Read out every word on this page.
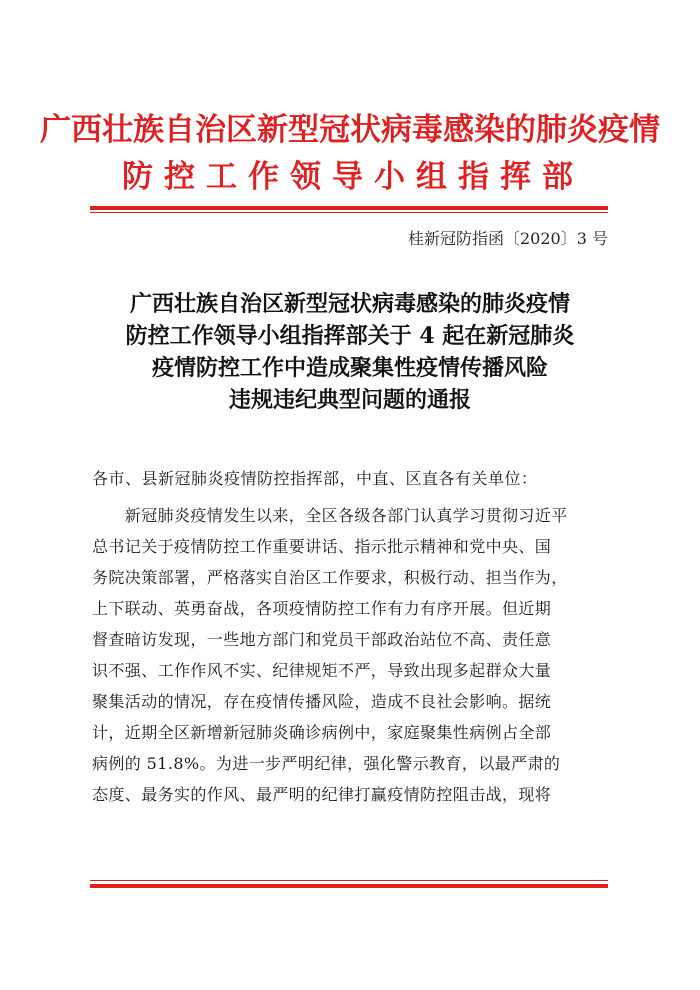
广西壮族自治区新型冠状病毒感染的肺炎疫情
防控工作领导小组指挥部
桂新冠防指函〔2020〕3 号
广西壮族自治区新型冠状病毒感染的肺炎疫情
防控工作领导小组指挥部关于 4 起在新冠肺炎
疫情防控工作中造成聚集性疫情传播风险
违规违纪典型问题的通报
各市、县新冠肺炎疫情防控指挥部，中直、区直各有关单位：
　　新冠肺炎疫情发生以来，全区各级各部门认真学习贯彻习近平
总书记关于疫情防控工作重要讲话、指示批示精神和党中央、国
务院决策部署，严格落实自治区工作要求，积极行动、担当作为，
上下联动、英勇奋战，各项疫情防控工作有力有序开展。但近期
督查暗访发现，一些地方部门和党员干部政治站位不高、责任意
识不强、工作作风不实、纪律规矩不严，导致出现多起群众大量
聚集活动的情况，存在疫情传播风险，造成不良社会影响。据统
计，近期全区新增新冠肺炎确诊病例中，家庭聚集性病例占全部
病例的 51.8%。为进一步严明纪律，强化警示教育，以最严肃的
态度、最务实的作风、最严明的纪律打赢疫情防控阻击战，现将
